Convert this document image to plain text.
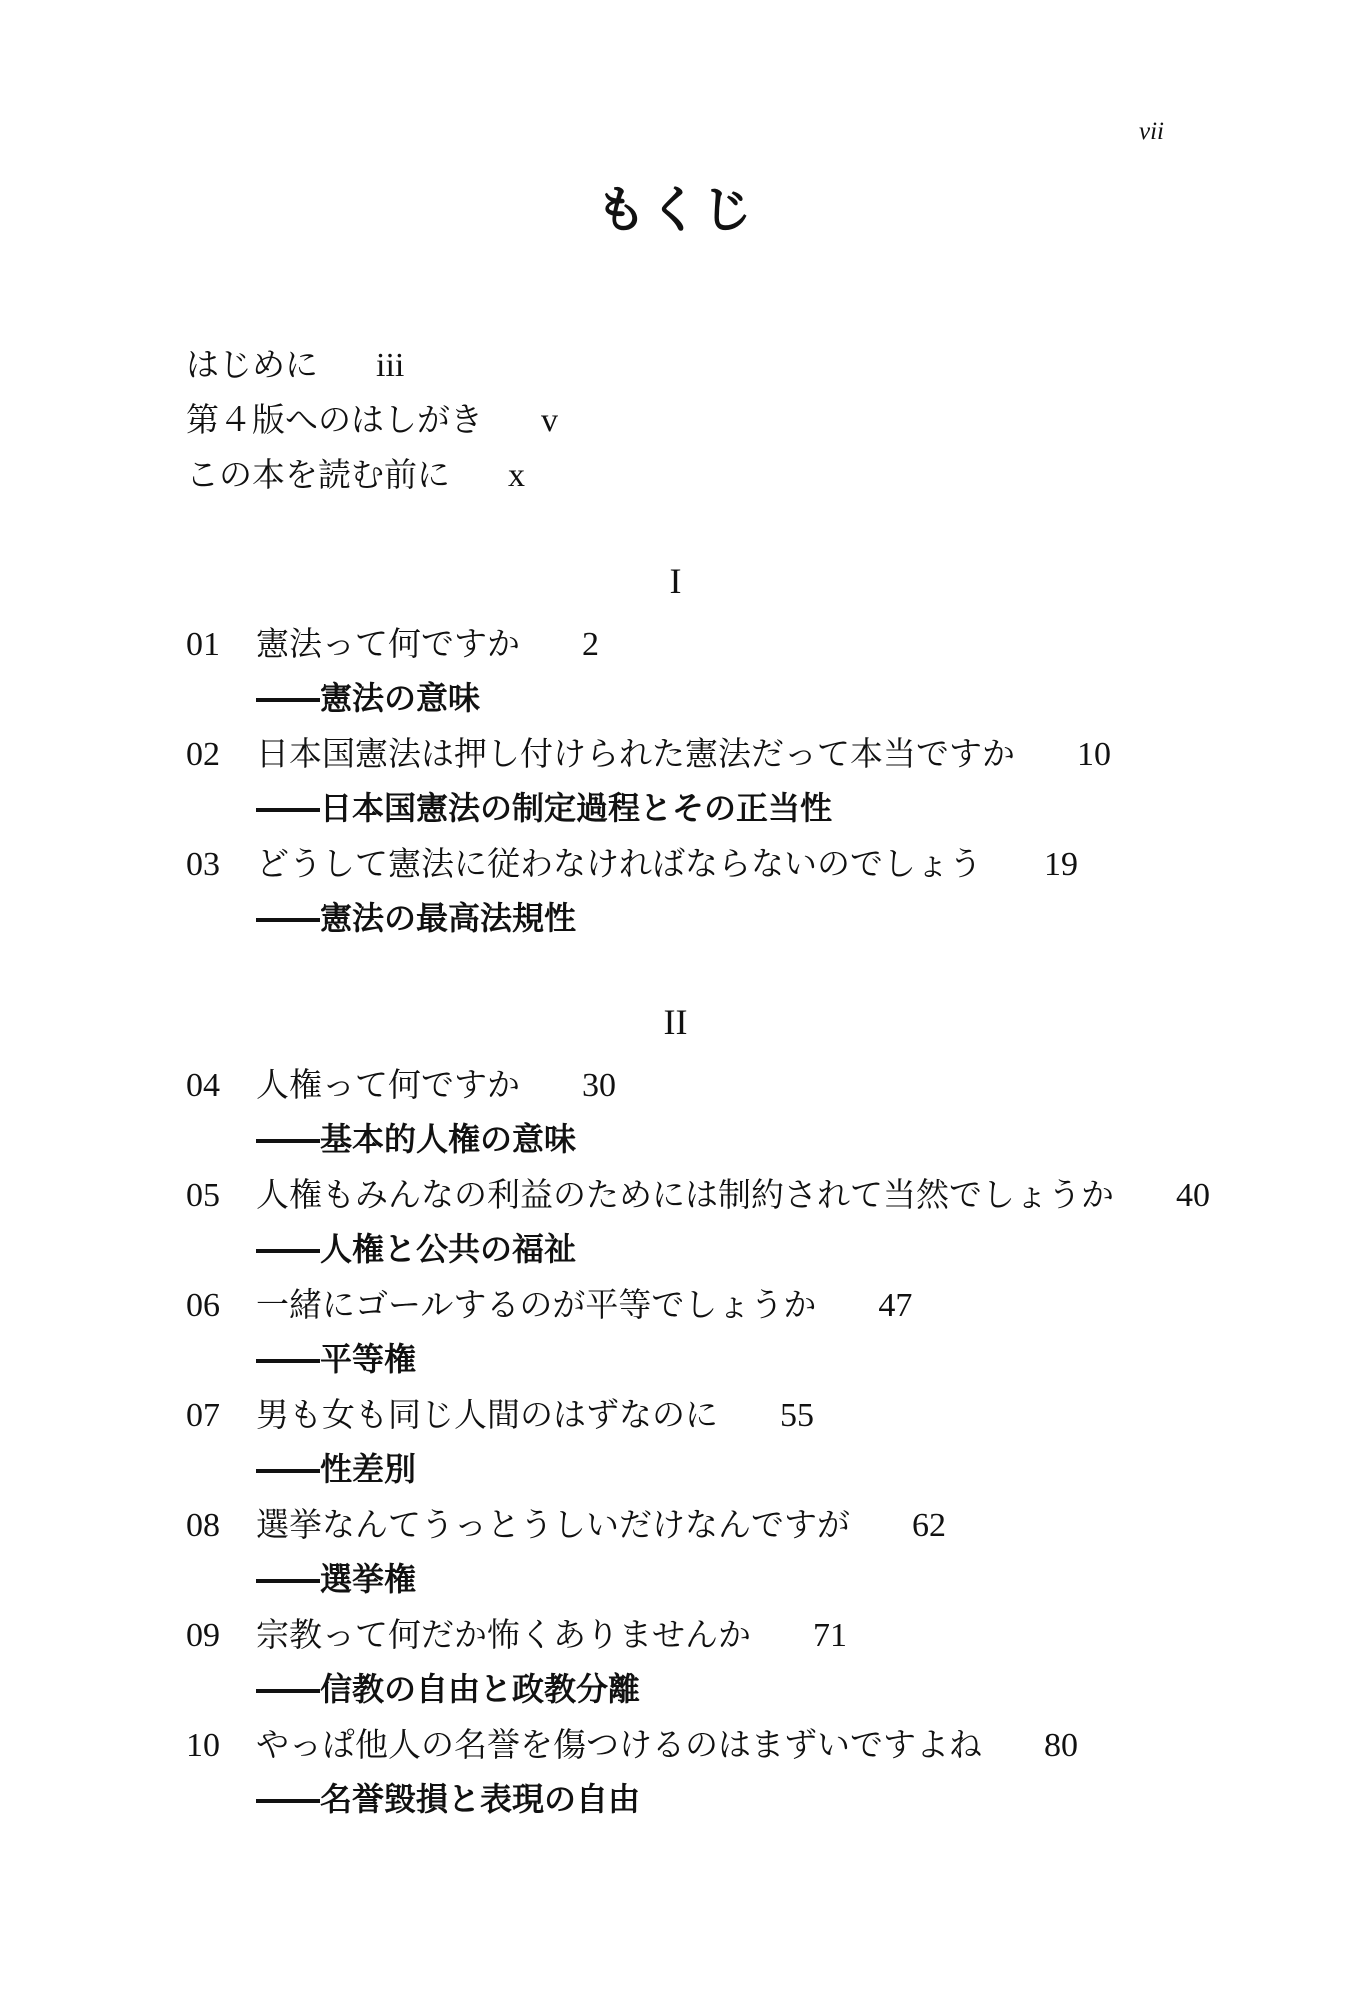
vii
もくじ
はじめに iii
第４版へのはしがき v
この本を読む前に x
I
01 憲法って何ですか 2
――憲法の意味
02 日本国憲法は押し付けられた憲法だって本当ですか 10
――日本国憲法の制定過程とその正当性
03 どうして憲法に従わなければならないのでしょう 19
――憲法の最高法規性
II
04 人権って何ですか 30
――基本的人権の意味
05 人権もみんなの利益のためには制約されて当然でしょうか 40
――人権と公共の福祉
06 一緒にゴールするのが平等でしょうか 47
――平等権
07 男も女も同じ人間のはずなのに 55
――性差別
08 選挙なんてうっとうしいだけなんですが 62
――選挙権
09 宗教って何だか怖くありませんか 71
――信教の自由と政教分離
10 やっぱ他人の名誉を傷つけるのはまずいですよね 80
――名誉毀損と表現の自由
